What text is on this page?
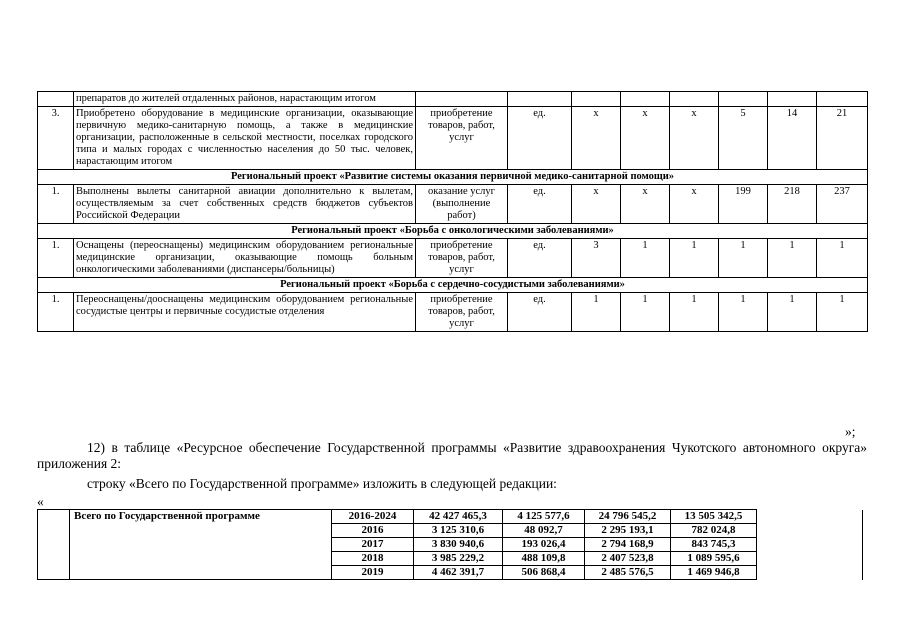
	препаратов до жителей отдаленных районов, нарастающим итогом								
3.	Приобретено оборудование в медицинские организации, оказывающие первичную медико-санитарную помощь, а также в медицинские организации, расположенные в сельской местности, поселках городского типа и малых городах с численностью населения до 50 тыс. человек, нарастающим итогом	приобретение товаров, работ, услуг	ед.	x	x	x	5	14	21
Региональный проект «Развитие системы оказания первичной медико-санитарной помощи»									
1.	Выполнены вылеты санитарной авиации дополнительно к вылетам, осуществляемым за счет собственных средств бюджетов субъектов Российской Федерации	оказание услуг (выполнение работ)	ед.	x	x	x	199	218	237
Региональный проект «Борьба с онкологическими заболеваниями»									
1.	Оснащены (переоснащены) медицинским оборудованием региональные медицинские организации, оказывающие помощь больным онкологическими заболеваниями (диспансеры/больницы)	приобретение товаров, работ, услуг	ед.	3	1	1	1	1	1
Региональный проект «Борьба с сердечно-сосудистыми заболеваниями»									
1.	Переоснащены/дооснащены медицинским оборудованием региональные сосудистые центры и первичные сосудистые отделения	приобретение товаров, работ, услуг	ед.	1	1	1	1	1	1
»;
12) в таблице «Ресурсное обеспечение Государственной программы «Развитие здравоохранения Чукотского автономного округа» приложения 2:
строку «Всего по Государственной программе» изложить в следующей редакции:
«
	Всего по Государственной программе	2016-2024	42 427 465,3	4 125 577,6	24 796 545,2	13 505 342,5	
		2016	3 125 310,6	48 092,7	2 295 193,1	782 024,8	
		2017	3 830 940,6	193 026,4	2 794 168,9	843 745,3	
		2018	3 985 229,2	488 109,8	2 407 523,8	1 089 595,6	
		2019	4 462 391,7	506 868,4	2 485 576,5	1 469 946,8	
